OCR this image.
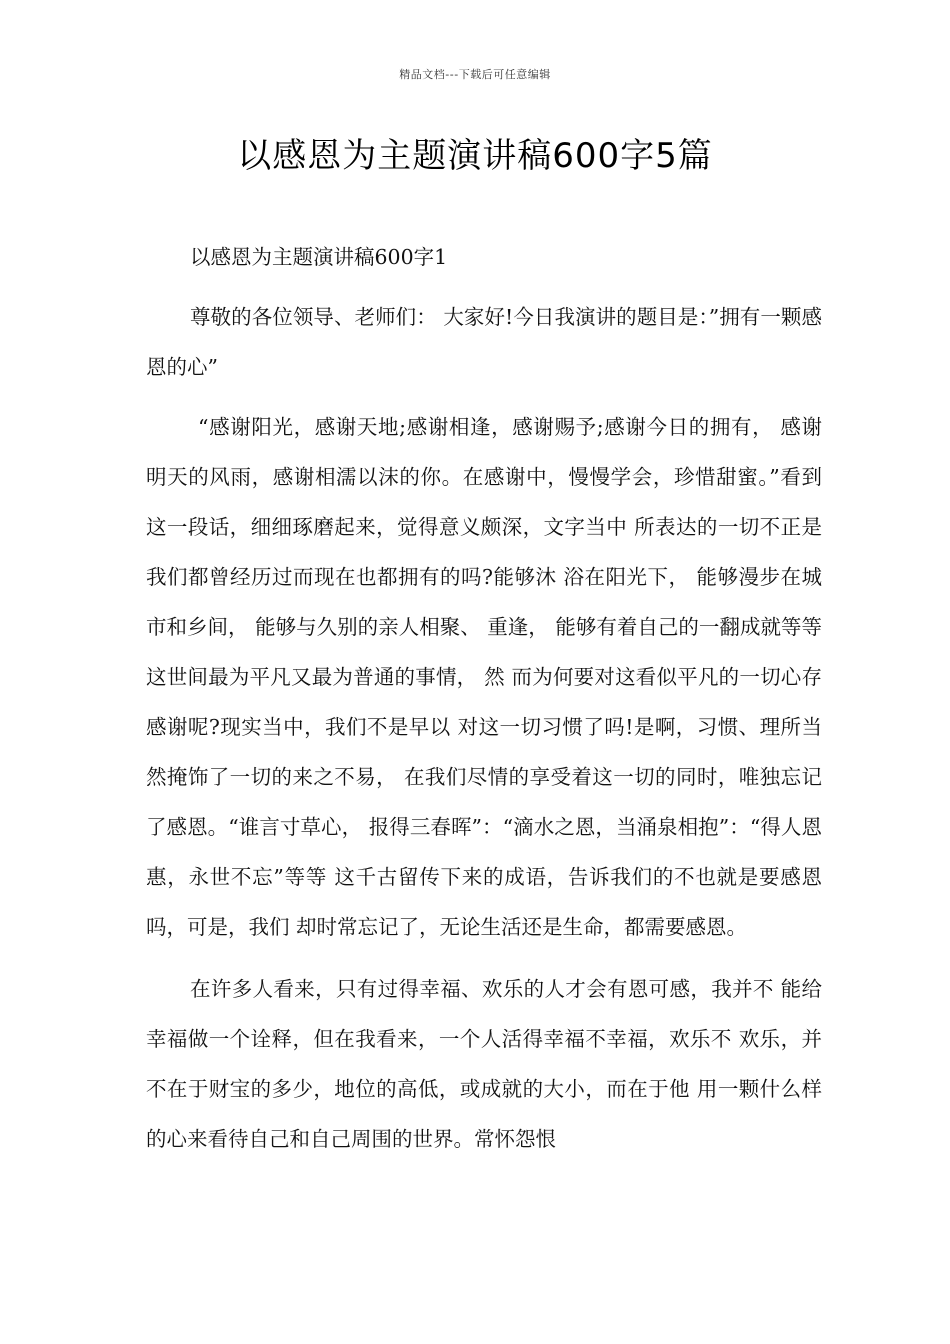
精品文档---下载后可任意编辑
以感恩为主题演讲稿600字5篇

以感恩为主题演讲稿600字1

尊敬的各位领导、老师们： 大家好!今日我演讲的题目是：”拥有一颗感恩的心”

“感谢阳光，感谢天地;感谢相逢，感谢赐予;感谢今日的拥有， 感谢明天的风雨，感谢相濡以沫的你。在感谢中，慢慢学会，珍惜甜蜜。”看到这一段话，细细琢磨起来，觉得意义颇深，文字当中 所表达的一切不正是我们都曾经历过而现在也都拥有的吗?能够沐 浴在阳光下， 能够漫步在城市和乡间， 能够与久别的亲人相聚、 重逢， 能够有着自己的一翻成就等等这世间最为平凡又最为普通的事情， 然 而为何要对这看似平凡的一切心存感谢呢?现实当中，我们不是早以 对这一切习惯了吗!是啊，习惯、理所当然掩饰了一切的来之不易， 在我们尽情的享受着这一切的同时，唯独忘记了感恩。“谁言寸草心， 报得三春晖”：“滴水之恩，当涌泉相抱”：“得人恩惠，永世不忘”等等 这千古留传下来的成语，告诉我们的不也就是要感恩吗，可是，我们 却时常忘记了，无论生活还是生命，都需要感恩。

在许多人看来，只有过得幸福、欢乐的人才会有恩可感，我并不 能给幸福做一个诠释，但在我看来，一个人活得幸福不幸福，欢乐不 欢乐，并不在于财宝的多少，地位的高低，或成就的大小，而在于他 用一颗什么样的心来看待自己和自己周围的世界。常怀怨恨
